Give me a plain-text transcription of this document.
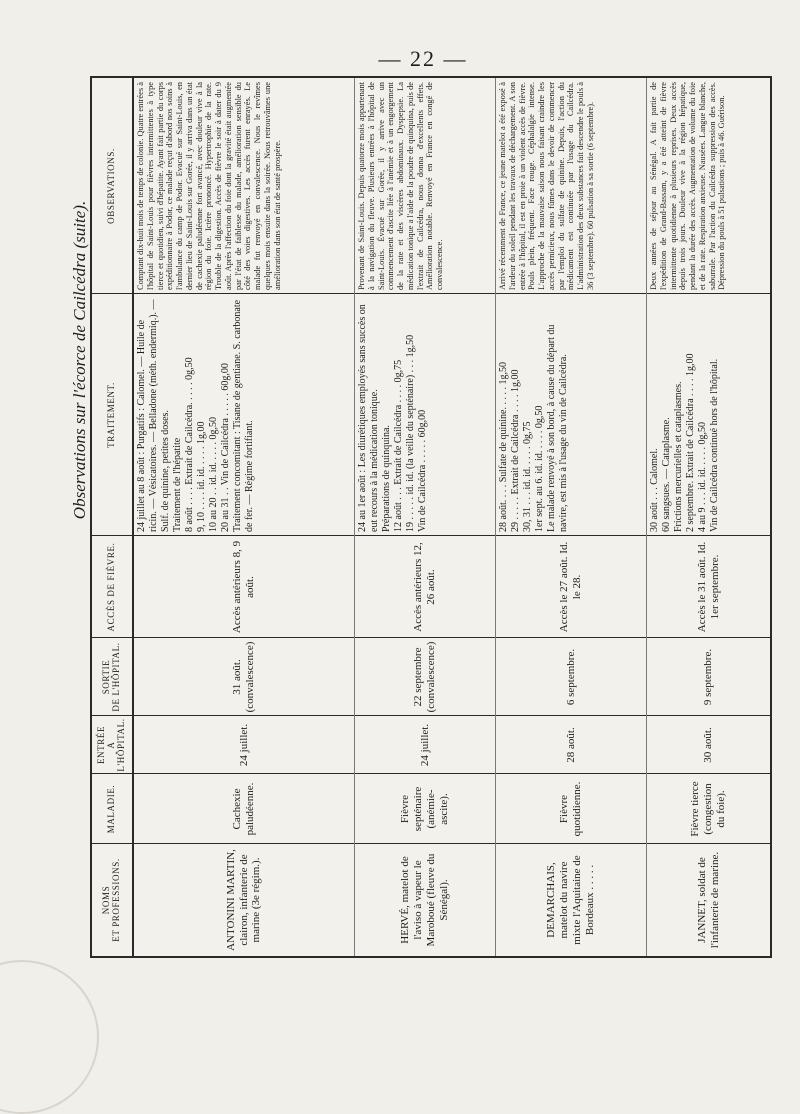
— 22 —
Observations sur l'écorce de Cailcédra (suite).
NOMS
ET PROFESSIONS.
MALADIE.
ENTRÉE
A L'HÔPITAL.
SORTIE
DE L'HÔPITAL.
ACCÈS DE FIÈVRE.
TRAITEMENT.
OBSERVATIONS.
ANTONINI MARTIN, clairon, infanterie de marine (3e régim.).
Cachexie paludéenne.
24 juillet.
31 août. (convalescence)
Accès antérieurs 8, 9 août.
24 juillet au 8 août : Purgatifs : Calomel. — Huile de ricin. — Vésicatoires. — Belladone (méth. endermiq.). — Sulf. de quinine, petites doses.
Traitement de l'hépatite
8 août . . . . Extrait de Cailcédra. . . . . 0g,50
9, 10 . . . . id. id. . . . . 1g,00
10 au 20 . . id. id. . . . . 0g,50
20 au 31 . . Vin de Cailcédra . . . . . 60g,00
Traitement concomitant : Tisane de gentiane. S. carbonate de fer. — Régime fortifiant.
Comptant dix-huit mois de temps de colonie. Quatre entrées à l'hôpital de Saint-Louis pour fièvres intermittentes à type tierce et quotidien, suivi d'hépatite. Ayant fait partie du corps expéditionnaire à Podor, ce malade reçut d'abord nos soins à l'ambulance du camp de Podor. Evacué sur Saint-Louis, en dernier lieu de Saint-Louis sur Gorée, il y arriva dans un état de cachexie paludéenne fort avancé, avec douleur vive à la région du foie. Ictère prononcé. Hypertrophie de la rate. Trouble de la digestion. Accès de fièvre le soir à dater du 9 août. Après l'affection du foie dont la gravité était augmentée par l'état de faiblesse du malade, amélioration sensible du côté des voies digestives. Les accès furent enrayés. Le malade fut renvoyé en convalescence. Nous le revîmes quelques mois ensuite dans la soirée. Nous retrouvâmes une amélioration dans son état de santé prospère.
HERVÉ, matelot de l'aviso à vapeur le Maroboué (fleuve du Sénégal).
Fièvre septénaire (anémie-ascite).
24 juillet.
22 septembre (convalescence)
Accès antérieurs 12, 26 août.
24 au 1er août : Les diurétiques employés sans succès on eut recours à la médication tonique.
Préparations de quinquina.
12 août . . . Extrait de Cailcédra . . . . 0g,75
19 . . . . . id. id. (la veille du septénaire) . . . 1g,50
Vin de Cailcédra . . . . . 60g,00
Provenant de Saint-Louis. Depuis quatorze mois appartenant à la navigation du fleuve. Plusieurs entrées à l'hôpital de Saint-Louis. Évacué sur Gorée, il y arrive avec un commencement d'ascite liée à l'anémie et à un engorgement de la rate et des viscères abdominaux. Dyspepsie. La médication tonique a l'aide de la poudre de quinquina, puis de l'extrait de Cailcédra, nous donna d'excellents effets. Amélioration notable. Renvoyé en France en congé de convalescence.
DEMARCHAIS, matelot du navire mixte l'Aquitaine de Bordeaux . . . . .
Fièvre quotidienne.
28 août.
6 septembre.
Accès le 27 août. Id. le 28.
28 août. . . . Sulfate de quinine. . . . . 1g,50
29 . . . . . Extrait de Cailcédra . . . . 1g,00
30, 31 . . . id. id. . . . . 0g,75
1er sept. au 6. id. id. . . . . 0g,50
Le malade renvoyé à son bord, à cause du départ du navire, est mis à l'usage du vin de Cailcédra.
Arrivé récemment de France, ce jeune matelot a été exposé à l'ardeur du soleil pendant les travaux de déchargement. A son entrée à l'hôpital, il est en proie à un violent accès de fièvre. Pouls plein, fréquent. Face rouge. Céphalalgie intense. L'approche de la mauvaise saison nous faisant craindre les accès pernicieux, nous fûmes dans le devoir de commencer par l'emploi du sulfate de quinine. Depuis, l'action du médicament est continuée par l'usage du Cailcédra. L'administration des deux substances fait descendre le pouls à 36 (3 septembre). 60 pulsation à sa sortie (6 septembre).
JANNET, soldat de l'infanterie de marine.
Fièvre tierce (congestion du foie).
30 août.
9 septembre.
Accès le 31 août. Id. 1er septembre.
30 août . . . Calomel.
60 sangsues. — Cataplasme.
Frictions mercurielles et cataplasmes.
2 septembre. Extrait de Cailcédra . . . . 1g,00
4 au 9 . . . id. id. . . . . 0g,50
Vin de Cailcédra continué hors de l'hôpital.
Deux années de séjour au Sénégal. A fait partie de l'expédition de Grand-Bassam, y a été atteint de fièvre intermittente quotidienne à plusieurs reprises. Deux accès depuis trois jours. Douleur vive à la région hépatique, pendant la durée des accès. Augmentation de volume du foie et de la rate. Respiration anxieuse. Nausées. Langue blanche, saburrale. Par l'action du Cailcédra suppression des accès. Dépression du pouls à 51 pulsations ; puis à 46. Guérison.
